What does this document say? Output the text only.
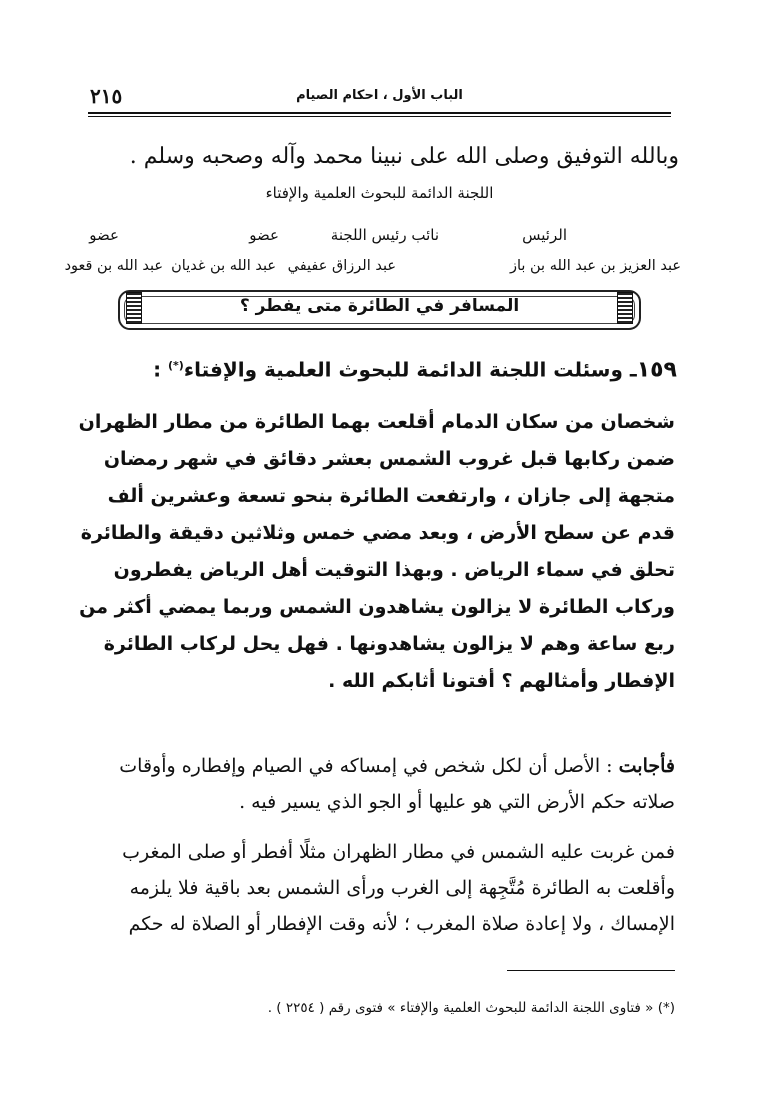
الباب الأول ، احكام الصيام
٢١٥
وبالله التوفيق وصلى الله على نبينا محمد وآله وصحبه وسلم .
اللجنة الدائمة للبحوث العلمية والإفتاء
الرئيس
نائب رئيس اللجنة
عضو
عضو
عبد العزيز بن عبد الله بن باز
عبد الرزاق عفيفي
عبد الله بن غديان
عبد الله بن قعود
المسافر في الطائرة متى يفطر ؟
١٥٩ـ وسئلت اللجنة الدائمة للبحوث العلمية والإفتاء(*) :
شخصان من سكان الدمام أقلعت بهما الطائرة من مطار الظهران
ضمن ركابها قبل غروب الشمس بعشر دقائق في شهر رمضان
متجهة إلى جازان ، وارتفعت الطائرة بنحو تسعة وعشرين ألف
قدم عن سطح الأرض ، وبعد مضي خمس وثلاثين دقيقة والطائرة
تحلق في سماء الرياض . وبهذا التوقيت أهل الرياض يفطرون
وركاب الطائرة لا يزالون يشاهدون الشمس وربما يمضي أكثر من
ربع ساعة وهم لا يزالون يشاهدونها . فهل يحل لركاب الطائرة
الإفطار وأمثالهم ؟ أفتونا أثابكم الله .
فأجابت : الأصل أن لكل شخص في إمساكه في الصيام وإفطاره وأوقات
صلاته حكم الأرض التي هو عليها أو الجو الذي يسير فيه .
فمن غربت عليه الشمس في مطار الظهران مثلًا أفطر أو صلى المغرب
وأقلعت به الطائرة مُتَّجِهة إلى الغرب ورأى الشمس بعد باقية فلا يلزمه
الإمساك ، ولا إعادة صلاة المغرب ؛ لأنه وقت الإفطار أو الصلاة له حكم
(*) « فتاوى اللجنة الدائمة للبحوث العلمية والإفتاء » فتوى رقم ( ٢٢٥٤ ) .
